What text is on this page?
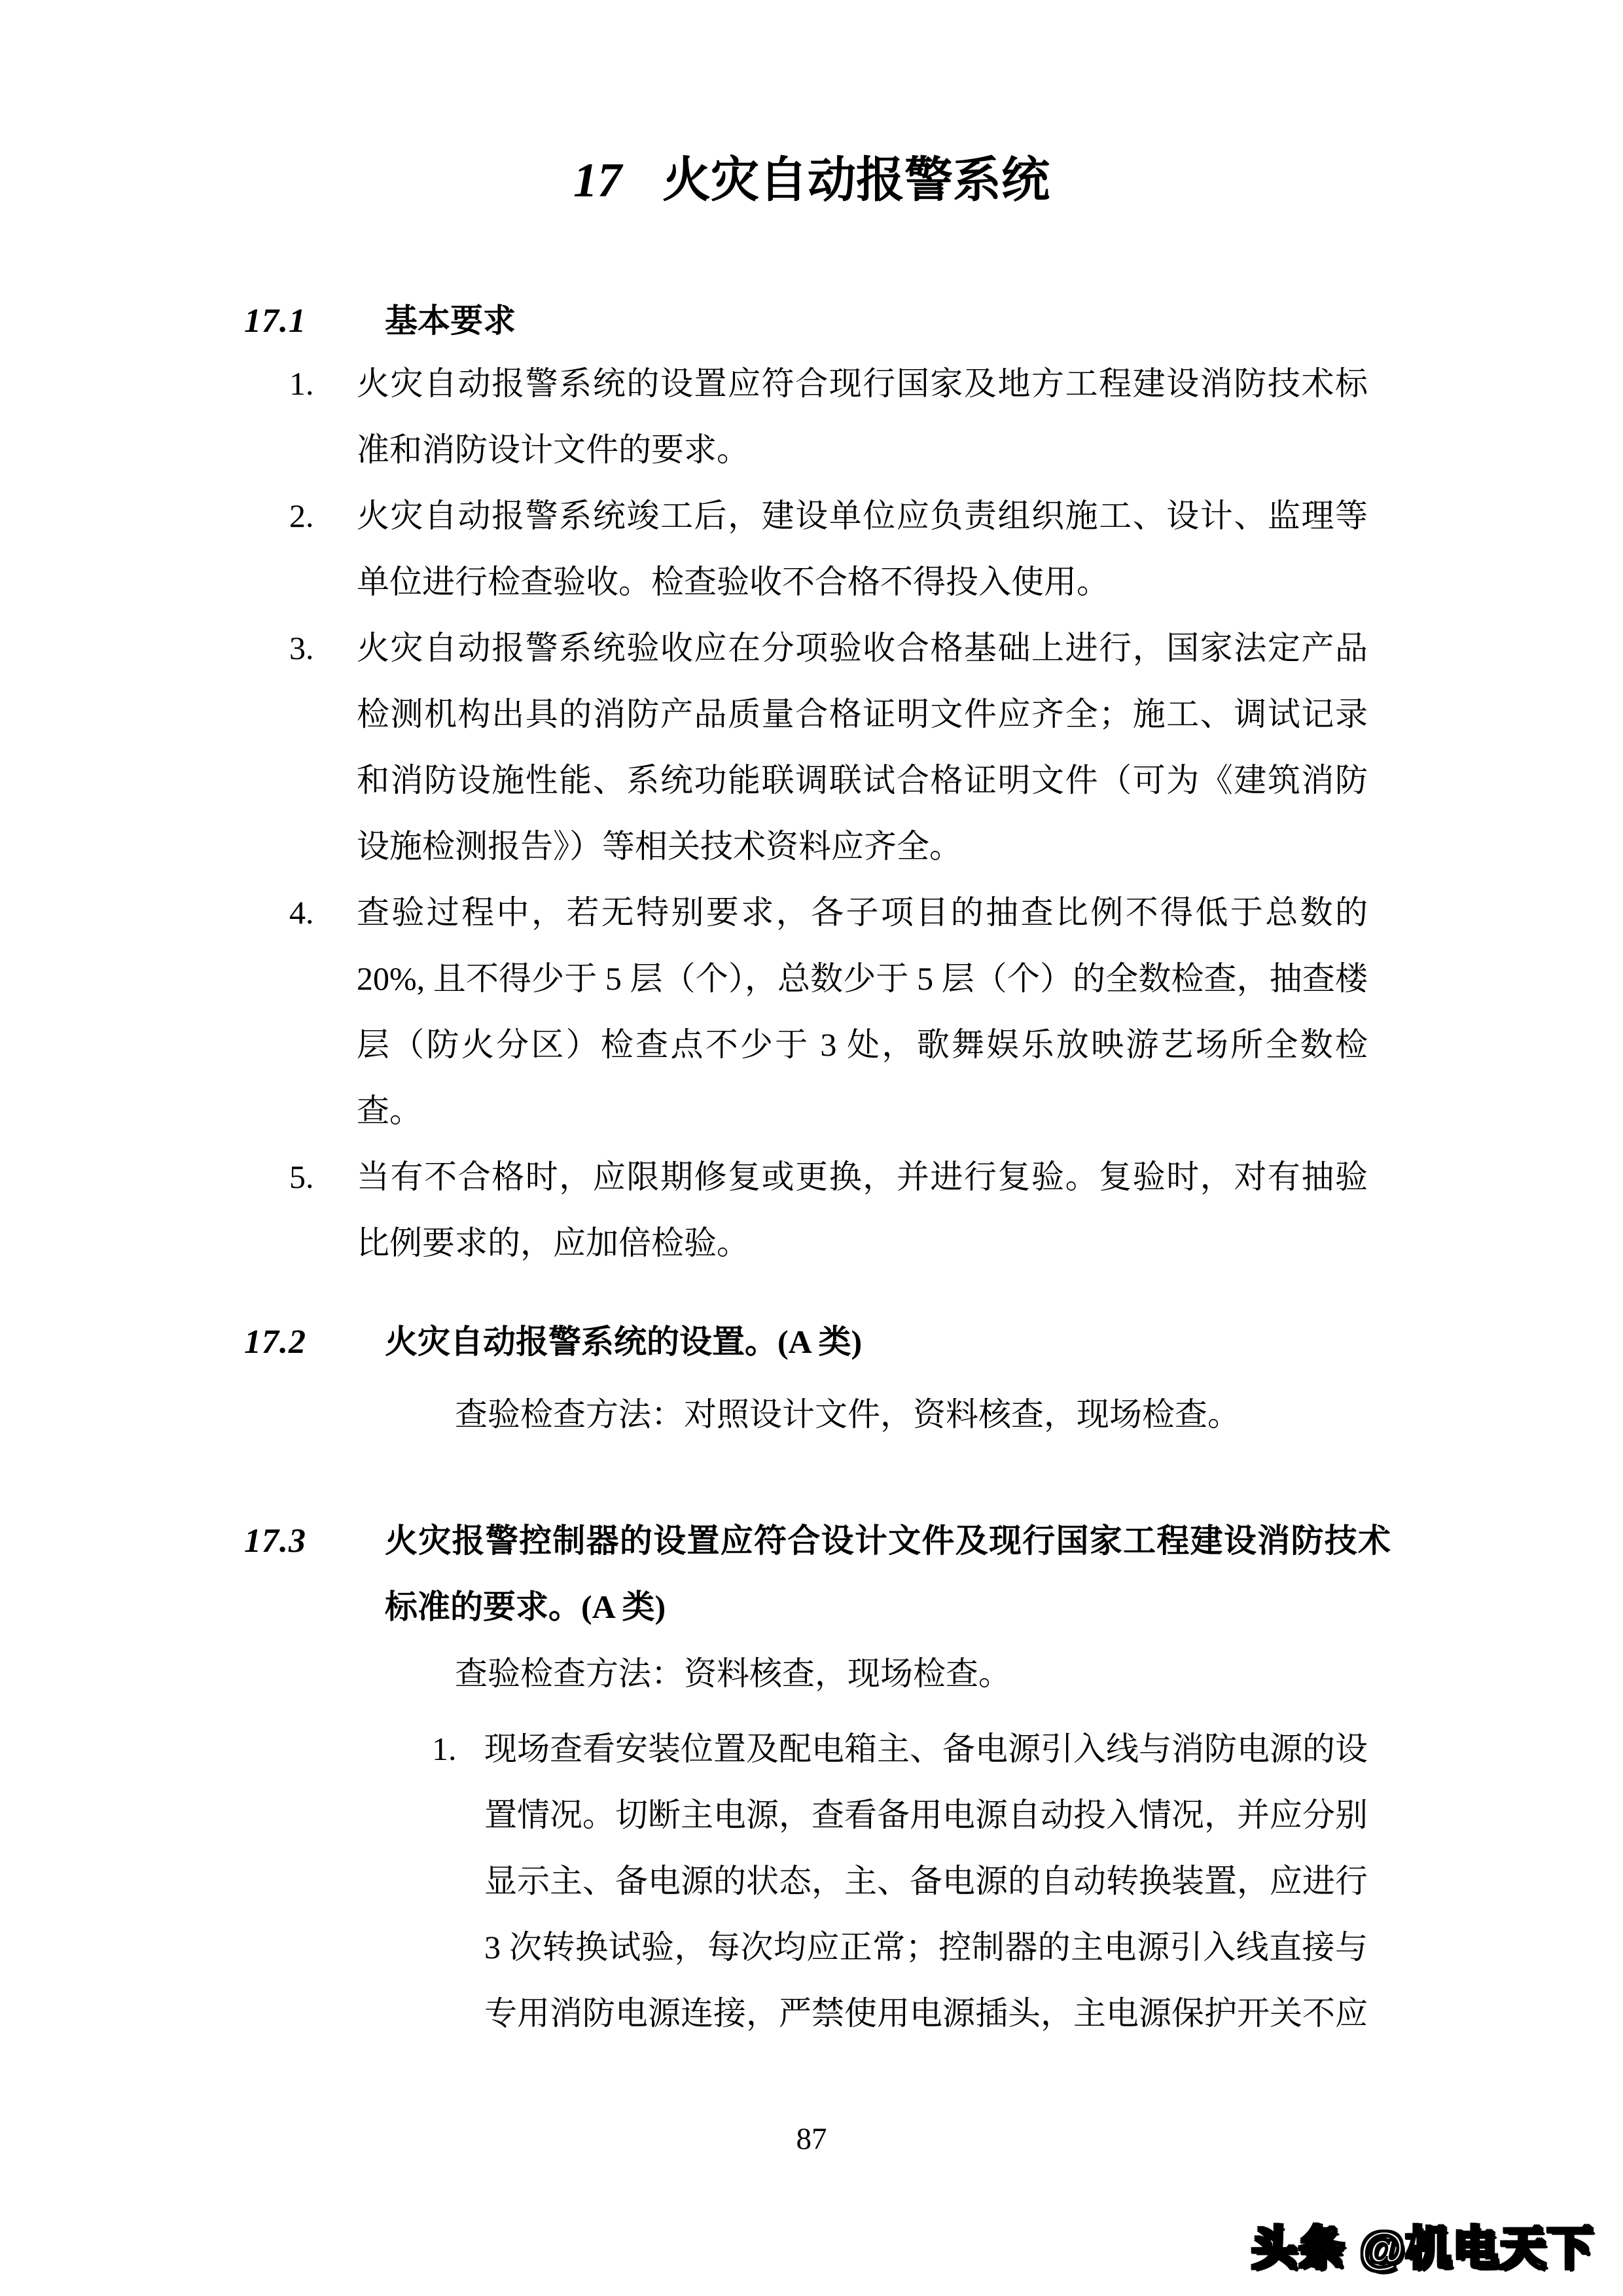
17 火灾自动报警系统
17.1 基本要求
1. 火灾自动报警系统的设置应符合现行国家及地方工程建设消防技术标准和消防设计文件的要求。
2. 火灾自动报警系统竣工后，建设单位应负责组织施工、设计、监理等单位进行检查验收。检查验收不合格不得投入使用。
3. 火灾自动报警系统验收应在分项验收合格基础上进行，国家法定产品检测机构出具的消防产品质量合格证明文件应齐全；施工、调试记录和消防设施性能、系统功能联调联试合格证明文件（可为《建筑消防设施检测报告》）等相关技术资料应齐全。
4. 查验过程中，若无特别要求，各子项目的抽查比例不得低于总数的20%, 且不得少于 5 层（个），总数少于 5 层（个）的全数检查，抽查楼层（防火分区）检查点不少于 3 处，歌舞娱乐放映游艺场所全数检查。
5. 当有不合格时，应限期修复或更换，并进行复验。复验时，对有抽验比例要求的，应加倍检验。
17.2 火灾自动报警系统的设置。(A 类)
查验检查方法：对照设计文件，资料核查，现场检查。
17.3 火灾报警控制器的设置应符合设计文件及现行国家工程建设消防技术标准的要求。(A 类)
查验检查方法：资料核查，现场检查。
1. 现场查看安装位置及配电箱主、备电源引入线与消防电源的设置情况。切断主电源，查看备用电源自动投入情况，并应分别显示主、备电源的状态，主、备电源的自动转换装置，应进行 3 次转换试验，每次均应正常；控制器的主电源引入线直接与专用消防电源连接，严禁使用电源插头，主电源保护开关不应
87
头条 @机电天下
